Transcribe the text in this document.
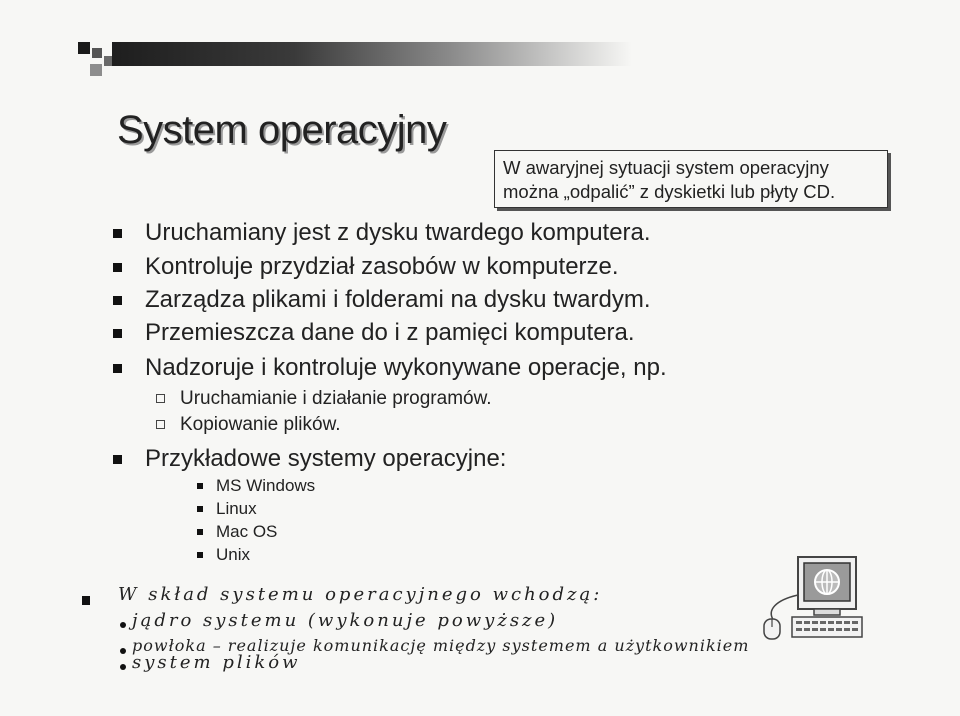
System operacyjny
W awaryjnej sytuacji system operacyjny
można „odpalić” z dyskietki lub płyty CD.
Uruchamiany jest z dysku twardego komputera.
Kontroluje przydział zasobów w komputerze.
Zarządza plikami i folderami na dysku twardym.
Przemieszcza dane do i z pamięci komputera.
Nadzoruje i kontroluje wykonywane operacje, np.
Uruchamianie i działanie programów.
Kopiowanie plików.
Przykładowe systemy operacyjne:
MS Windows
Linux
Mac OS
Unix
W skład systemu operacyjnego wchodzą:
jądro systemu (wykonuje powyższe)
powłoka – realizuje komunikację między systemem a użytkownikiem
system plików
